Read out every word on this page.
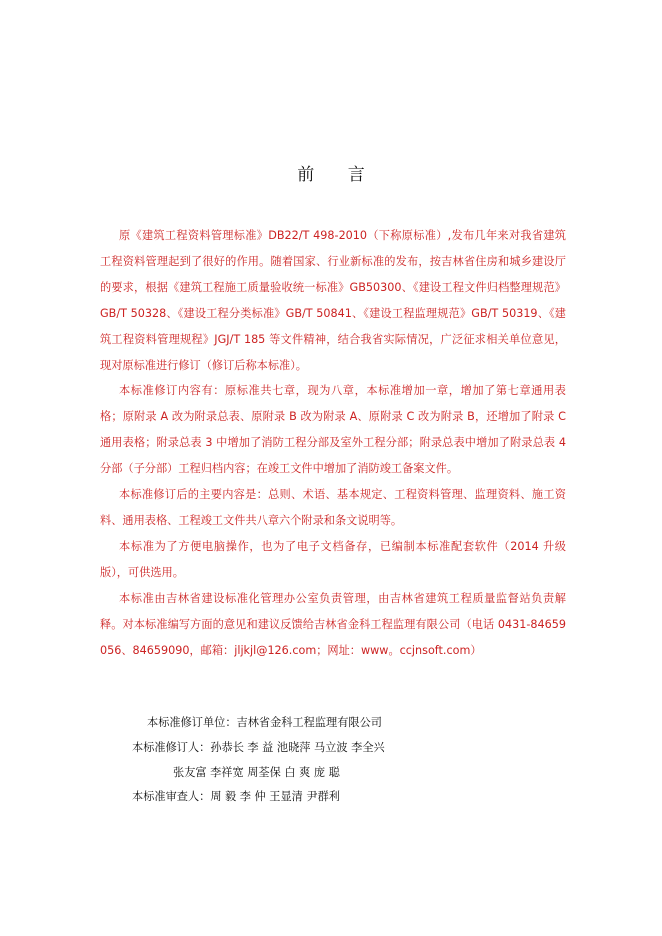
前 言

原《建筑工程资料管理标准》DB22/T 498-2010（下称原标准）,发布几年来对我省建筑工程资料管理起到了很好的作用。随着国家、行业新标准的发布，按吉林省住房和城乡建设厅的要求，根据《建筑工程施工质量验收统一标准》GB50300、《建设工程文件归档整理规范》GB/T 50328、《建设工程分类标准》GB/T 50841、《建设工程监理规范》GB/T 50319、《建筑工程资料管理规程》JGJ/T 185 等文件精神，结合我省实际情况，广泛征求相关单位意见，现对原标准进行修订（修订后称本标准）。

本标准修订内容有：原标准共七章，现为八章，本标准增加一章，增加了第七章通用表格；原附录 A 改为附录总表、原附录 B 改为附录 A、原附录 C 改为附录 B，还增加了附录 C 通用表格；附录总表 3 中增加了消防工程分部及室外工程分部；附录总表中增加了附录总表 4 分部（子分部）工程归档内容；在竣工文件中增加了消防竣工备案文件。

本标准修订后的主要内容是：总则、术语、基本规定、工程资料管理、监理资料、施工资料、通用表格、工程竣工文件共八章六个附录和条文说明等。

本标准为了方便电脑操作，也为了电子文档备存，已编制本标准配套软件（2014 升级版），可供选用。

本标准由吉林省建设标准化管理办公室负责管理，由吉林省建筑工程质量监督站负责解释。对本标准编写方面的意见和建议反馈给吉林省金科工程监理有限公司（电话 0431-84659056、84659090，邮箱：jljkjl@126.com；网址：www。ccjnsoft.com）

本标准修订单位：吉林省金科工程监理有限公司
本标准修订人：孙恭长 李 益 池晓萍 马立波 李全兴
张友富 李祥宽 周荃保 白 爽 庞 聪
本标准审查人：周 毅 李 仲 王显清 尹群利
